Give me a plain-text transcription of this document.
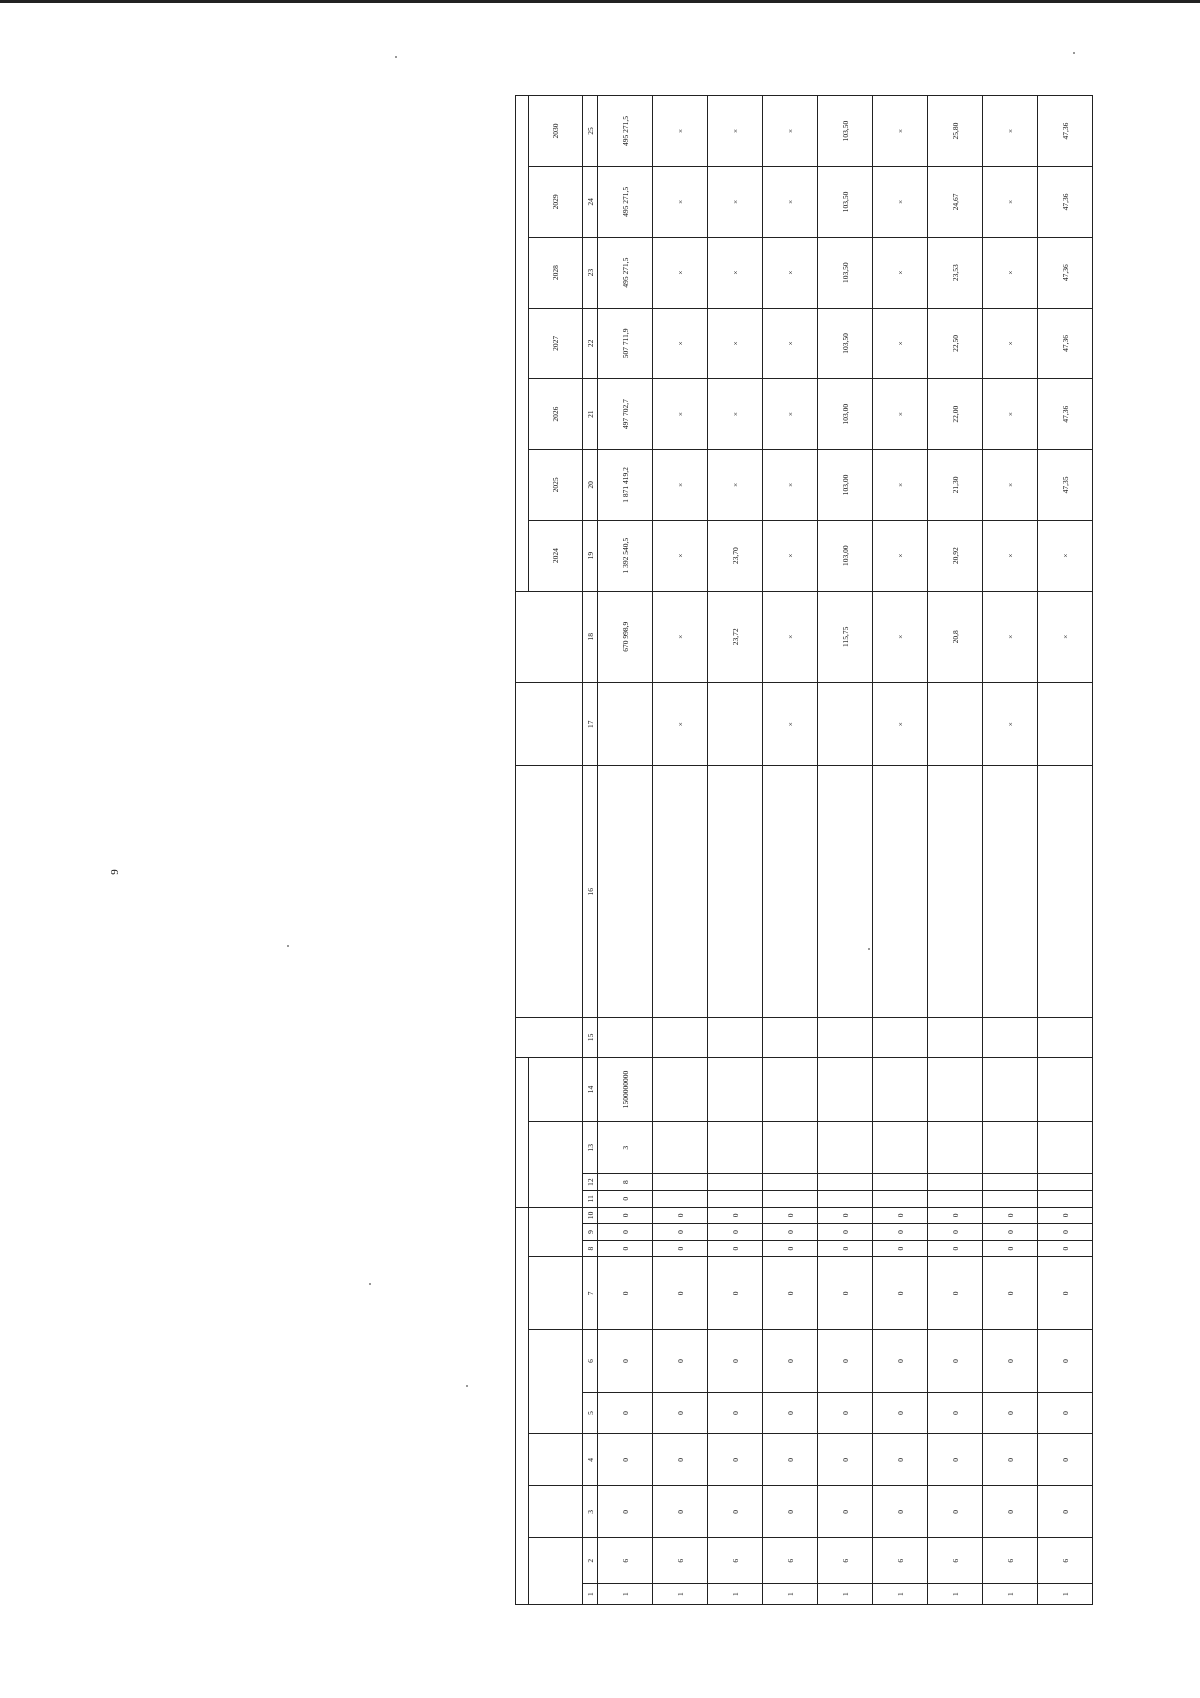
9

																		2024	2025	2026	2027	2028	2029	2030

1	2	3	4	5	6	7	8	9	10	11	12	13	14	15	16	17	18	19	20	21	22	23	24	25
1	6	0	0	0	0	0	0	0	0	0	8	3	1500000000				670 998,9	1 392 540,5	1 871 419,2	497 702,7	507 711,9	495 271,5	495 271,5	495 271,5
1	6	0	0	0	0	0	0	0	0							×	×	×	×	×	×	×	×	×
1	6	0	0	0	0	0	0	0	0								23,72	23,70	×	×	×	×	×	×
1	6	0	0	0	0	0	0	0	0							×	×	×	×	×	×	×	×	×
1	6	0	0	0	0	0	0	0	0								115,75	103,00	103,00	103,00	103,50	103,50	103,50	103,50
1	6	0	0	0	0	0	0	0	0							×	×	×	×	×	×	×	×	×
1	6	0	0	0	0	0	0	0	0								20,8	20,92	21,30	22,00	22,50	23,53	24,67	25,80
1	6	0	0	0	0	0	0	0	0							×	×	×	×	×	×	×	×	×
1	6	0	0	0	0	0	0	0	0								×	×	47,35	47,36	47,36	47,36	47,36	47,36
